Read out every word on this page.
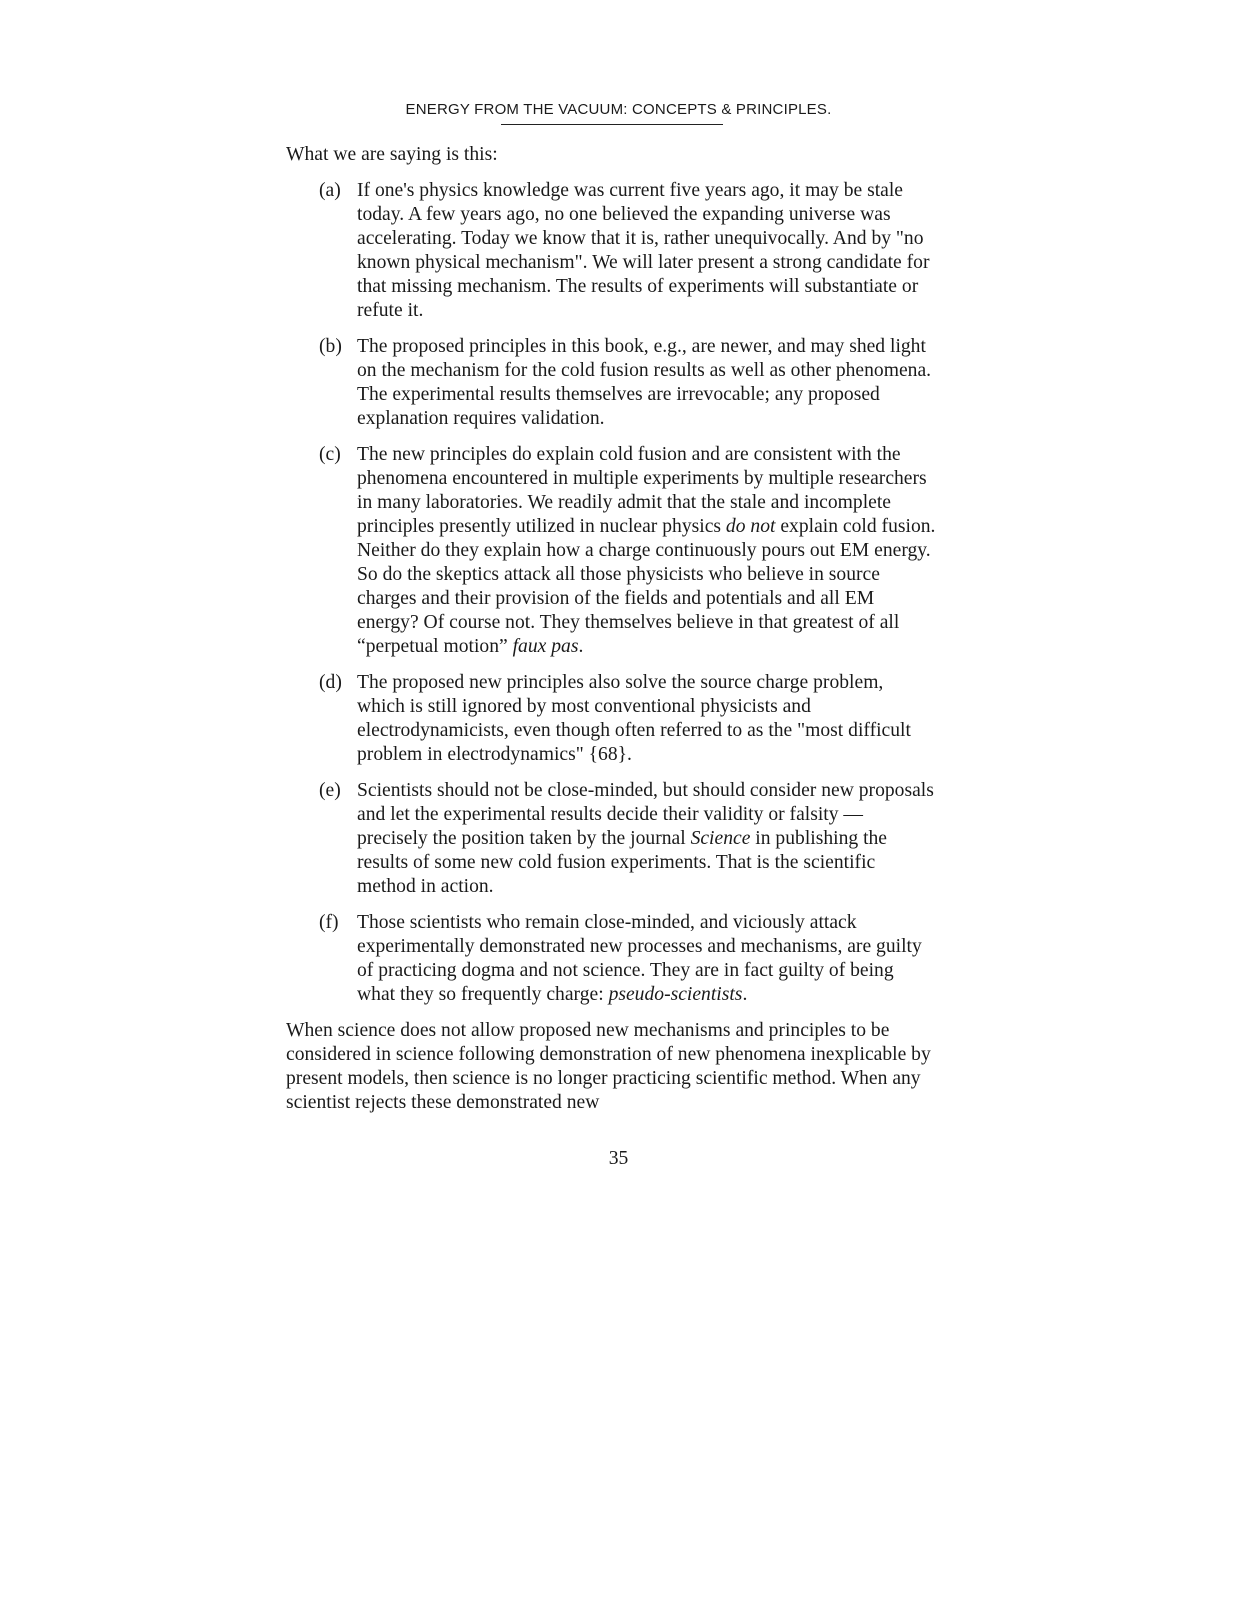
ENERGY FROM THE VACUUM: CONCEPTS & PRINCIPLES.

What we are saying is this:

(a) If one's physics knowledge was current five years ago, it may be stale today. A few years ago, no one believed the expanding universe was accelerating. Today we know that it is, rather unequivocally. And by "no known physical mechanism". We will later present a strong candidate for that missing mechanism. The results of experiments will substantiate or refute it.
(b) The proposed principles in this book, e.g., are newer, and may shed light on the mechanism for the cold fusion results as well as other phenomena. The experimental results themselves are irrevocable; any proposed explanation requires validation.
(c) The new principles do explain cold fusion and are consistent with the phenomena encountered in multiple experiments by multiple researchers in many laboratories. We readily admit that the stale and incomplete principles presently utilized in nuclear physics do not explain cold fusion. Neither do they explain how a charge continuously pours out EM energy. So do the skeptics attack all those physicists who believe in source charges and their provision of the fields and potentials and all EM energy? Of course not. They themselves believe in that greatest of all “perpetual motion” faux pas.
(d) The proposed new principles also solve the source charge problem, which is still ignored by most conventional physicists and electrodynamicists, even though often referred to as the "most difficult problem in electrodynamics" {68}.
(e) Scientists should not be close-minded, but should consider new proposals and let the experimental results decide their validity or falsity — precisely the position taken by the journal Science in publishing the results of some new cold fusion experiments. That is the scientific method in action.
(f) Those scientists who remain close-minded, and viciously attack experimentally demonstrated new processes and mechanisms, are guilty of practicing dogma and not science. They are in fact guilty of being what they so frequently charge: pseudo-scientists.

When science does not allow proposed new mechanisms and principles to be considered in science following demonstration of new phenomena inexplicable by present models, then science is no longer practicing scientific method. When any scientist rejects these demonstrated new

35
